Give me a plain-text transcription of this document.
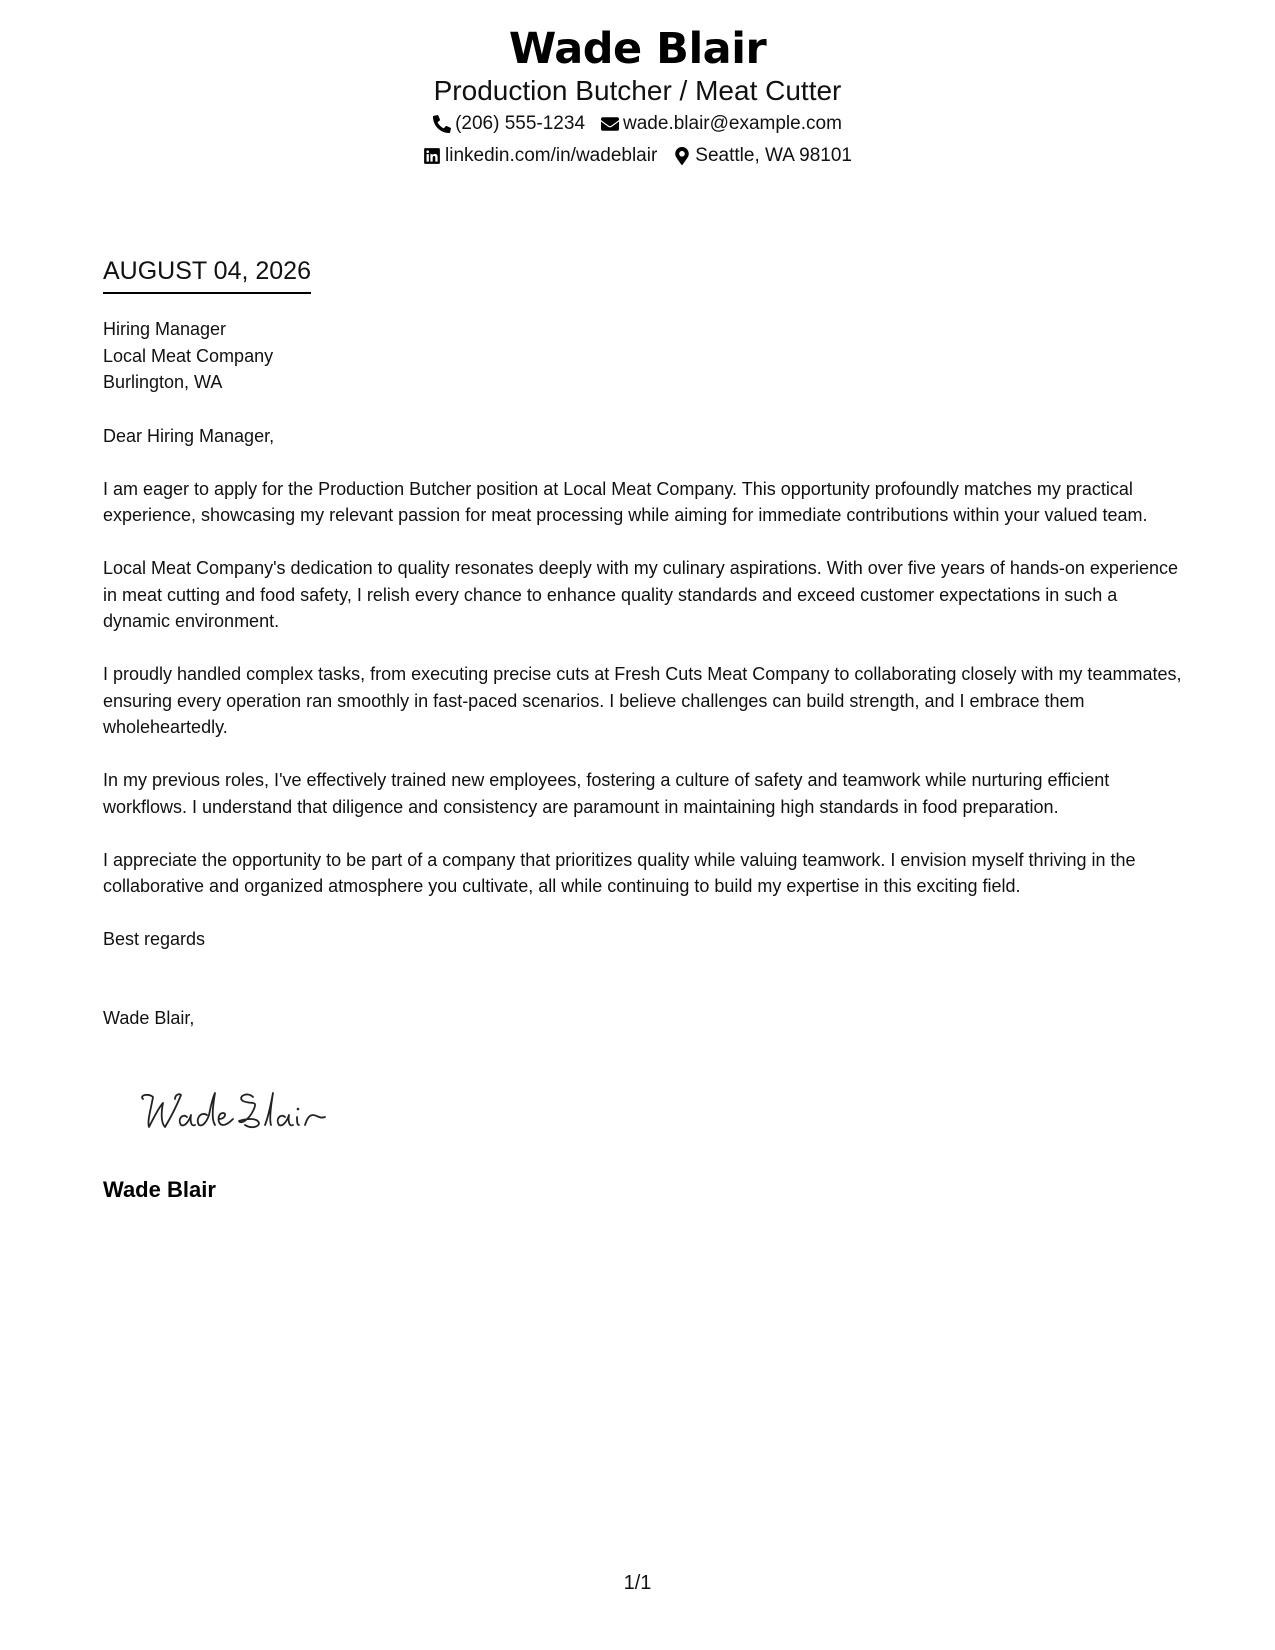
Wade Blair
Production Butcher / Meat Cutter
(206) 555-1234 wade.blair@example.com
linkedin.com/in/wadeblair Seattle, WA 98101
AUGUST 04, 2026
Hiring Manager
Local Meat Company
Burlington, WA

Dear Hiring Manager,

I am eager to apply for the Production Butcher position at Local Meat Company. This opportunity profoundly matches my practical experience, showcasing my relevant passion for meat processing while aiming for immediate contributions within your valued team.

Local Meat Company's dedication to quality resonates deeply with my culinary aspirations. With over five years of hands-on experience in meat cutting and food safety, I relish every chance to enhance quality standards and exceed customer expectations in such a dynamic environment.

I proudly handled complex tasks, from executing precise cuts at Fresh Cuts Meat Company to collaborating closely with my teammates, ensuring every operation ran smoothly in fast-paced scenarios. I believe challenges can build strength, and I embrace them wholeheartedly.

In my previous roles, I've effectively trained new employees, fostering a culture of safety and teamwork while nurturing efficient workflows. I understand that diligence and consistency are paramount in maintaining high standards in food preparation.

I appreciate the opportunity to be part of a company that prioritizes quality while valuing teamwork. I envision myself thriving in the collaborative and organized atmosphere you cultivate, all while continuing to build my expertise in this exciting field.

Best regards

Wade Blair,

Wade Blair
1/1
